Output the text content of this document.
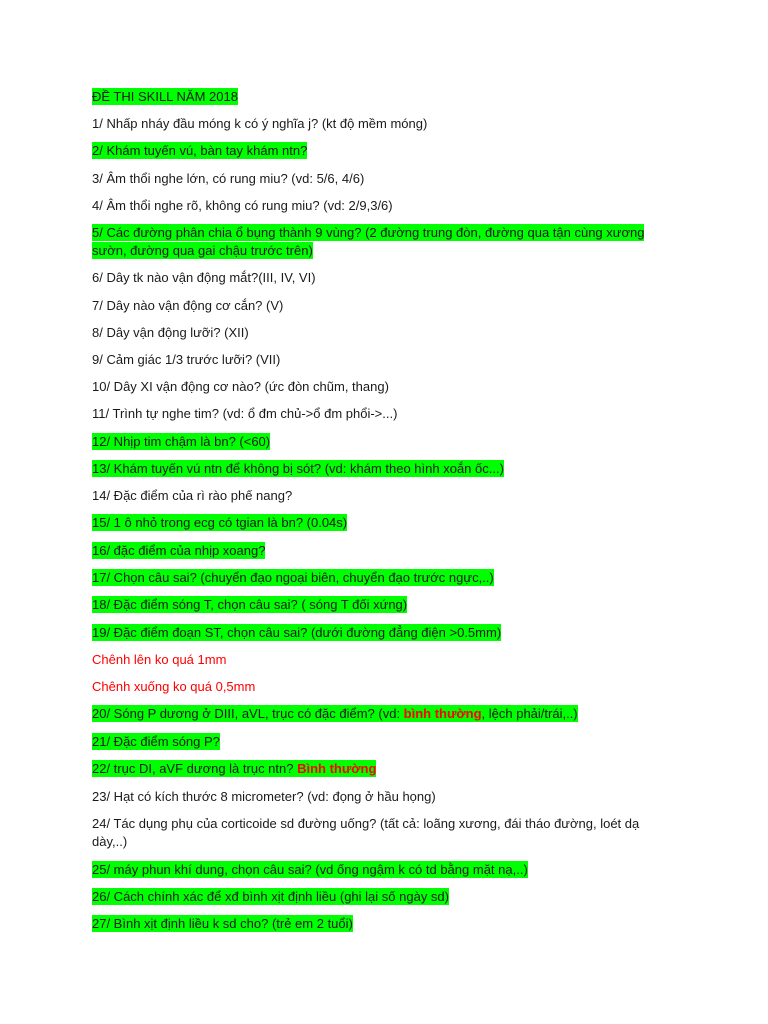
ĐỀ THI SKILL NĂM 2018
1/ Nhấp nháy đầu móng k có ý nghĩa j? (kt độ mềm móng)
2/ Khám tuyến vú, bàn tay khám ntn?
3/ Âm thổi nghe lớn, có rung miu? (vd: 5/6, 4/6)
4/ Âm thổi nghe rõ, không có rung miu? (vd: 2/9,3/6)
5/ Các đường phân chia ổ bụng thành 9 vùng? (2 đường trung đòn, đường qua tận cùng xương sườn, đường qua gai chậu trước trên)
6/ Dây tk nào vận động mắt?(III, IV, VI)
7/ Dây nào vận động cơ cắn? (V)
8/ Dây vận động lưỡi? (XII)
9/ Cảm giác 1/3 trước lưỡi? (VII)
10/ Dây XI vận động cơ nào? (ức đòn chũm, thang)
11/ Trình tự nghe tim? (vd: ổ đm chủ->ổ đm phổi->...)
12/ Nhịp tim chậm là bn? (<60)
13/ Khám tuyến vú ntn để không bị sót? (vd: khám theo hình xoắn ốc...)
14/ Đặc điểm của rì rào phế nang?
15/ 1 ô nhỏ trong ecg có tgian là bn? (0.04s)
16/ đặc điểm của nhịp xoang?
17/ Chọn câu sai? (chuyển đạo ngoại biên, chuyển đạo trước ngực,..)
18/ Đặc điểm sóng T, chọn câu sai? ( sóng T đối xứng)
19/ Đặc điểm đoạn ST, chọn câu sai? (dưới đường đẳng điện >0.5mm)
Chênh lên ko quá 1mm
Chênh xuống ko quá 0,5mm
20/ Sóng P dương ở DIII, aVL, trục có đặc điểm? (vd: bình thường, lệch phải/trái,..)
21/ Đặc điểm sóng P?
22/ trục DI, aVF dương là trục ntn? Bình thường
23/ Hạt có kích thước 8 micrometer? (vd: đọng ở hầu họng)
24/ Tác dụng phụ của corticoide sd đường uống? (tất cả: loãng xương, đái tháo đường, loét dạ dày,..)
25/ máy phun khí dung, chọn câu sai? (vd ống ngậm k có td bằng mặt nạ,..)
26/ Cách chính xác để xđ bình xịt định liều (ghi lại số ngày sd)
27/ Bình xịt định liều k sd cho? (trẻ em 2 tuổi)
